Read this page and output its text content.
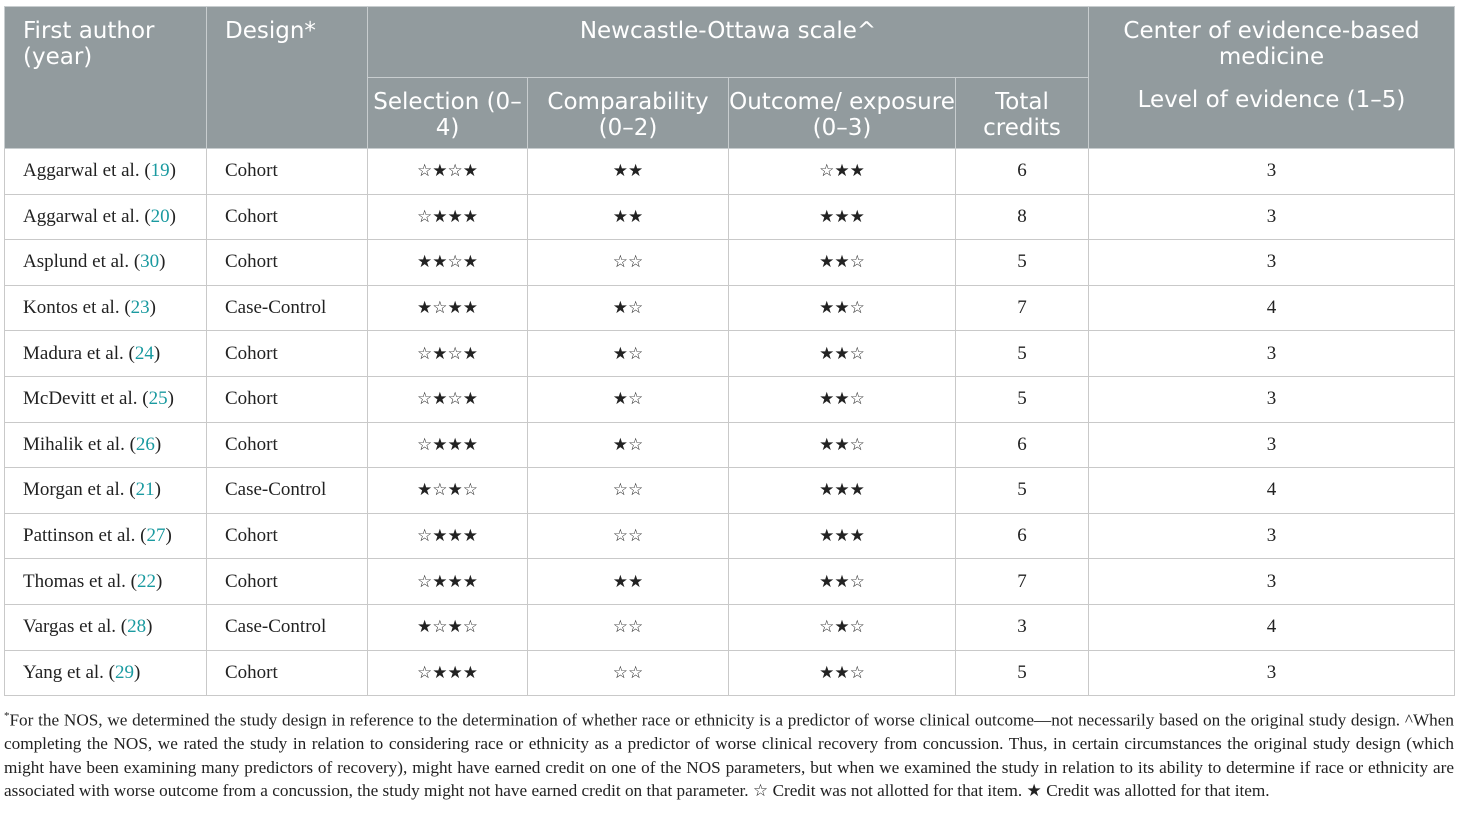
First author (year)	Design*	Newcastle-Ottawa scale^				Center of evidence-based medicine
Level of evidence (1–5)

		Selection (0–4)	Comparability (0–2)	Outcome/ exposure (0–3)	Total credits	

Aggarwal et al. (19)	Cohort	☆★☆★	★★	☆★★	6	3
Aggarwal et al. (20)	Cohort	☆★★★	★★	★★★	8	3
Asplund et al. (30)	Cohort	★★☆★	☆☆	★★☆	5	3
Kontos et al. (23)	Case-Control	★☆★★	★☆	★★☆	7	4
Madura et al. (24)	Cohort	☆★☆★	★☆	★★☆	5	3
McDevitt et al. (25)	Cohort	☆★☆★	★☆	★★☆	5	3
Mihalik et al. (26)	Cohort	☆★★★	★☆	★★☆	6	3
Morgan et al. (21)	Case-Control	★☆★☆	☆☆	★★★	5	4
Pattinson et al. (27)	Cohort	☆★★★	☆☆	★★★	6	3
Thomas et al. (22)	Cohort	☆★★★	★★	★★☆	7	3
Vargas et al. (28)	Case-Control	★☆★☆	☆☆	☆★☆	3	4
Yang et al. (29)	Cohort	☆★★★	☆☆	★★☆	5	3
*For the NOS, we determined the study design in reference to the determination of whether race or ethnicity is a predictor of worse clinical outcome—not necessarily based on the original study design. ^When completing the NOS, we rated the study in relation to considering race or ethnicity as a predictor of worse clinical recovery from concussion. Thus, in certain circumstances the original study design (which might have been examining many predictors of recovery), might have earned credit on one of the NOS parameters, but when we examined the study in relation to its ability to determine if race or ethnicity are associated with worse outcome from a concussion, the study might not have earned credit on that parameter. ☆ Credit was not allotted for that item. ★ Credit was allotted for that item.
